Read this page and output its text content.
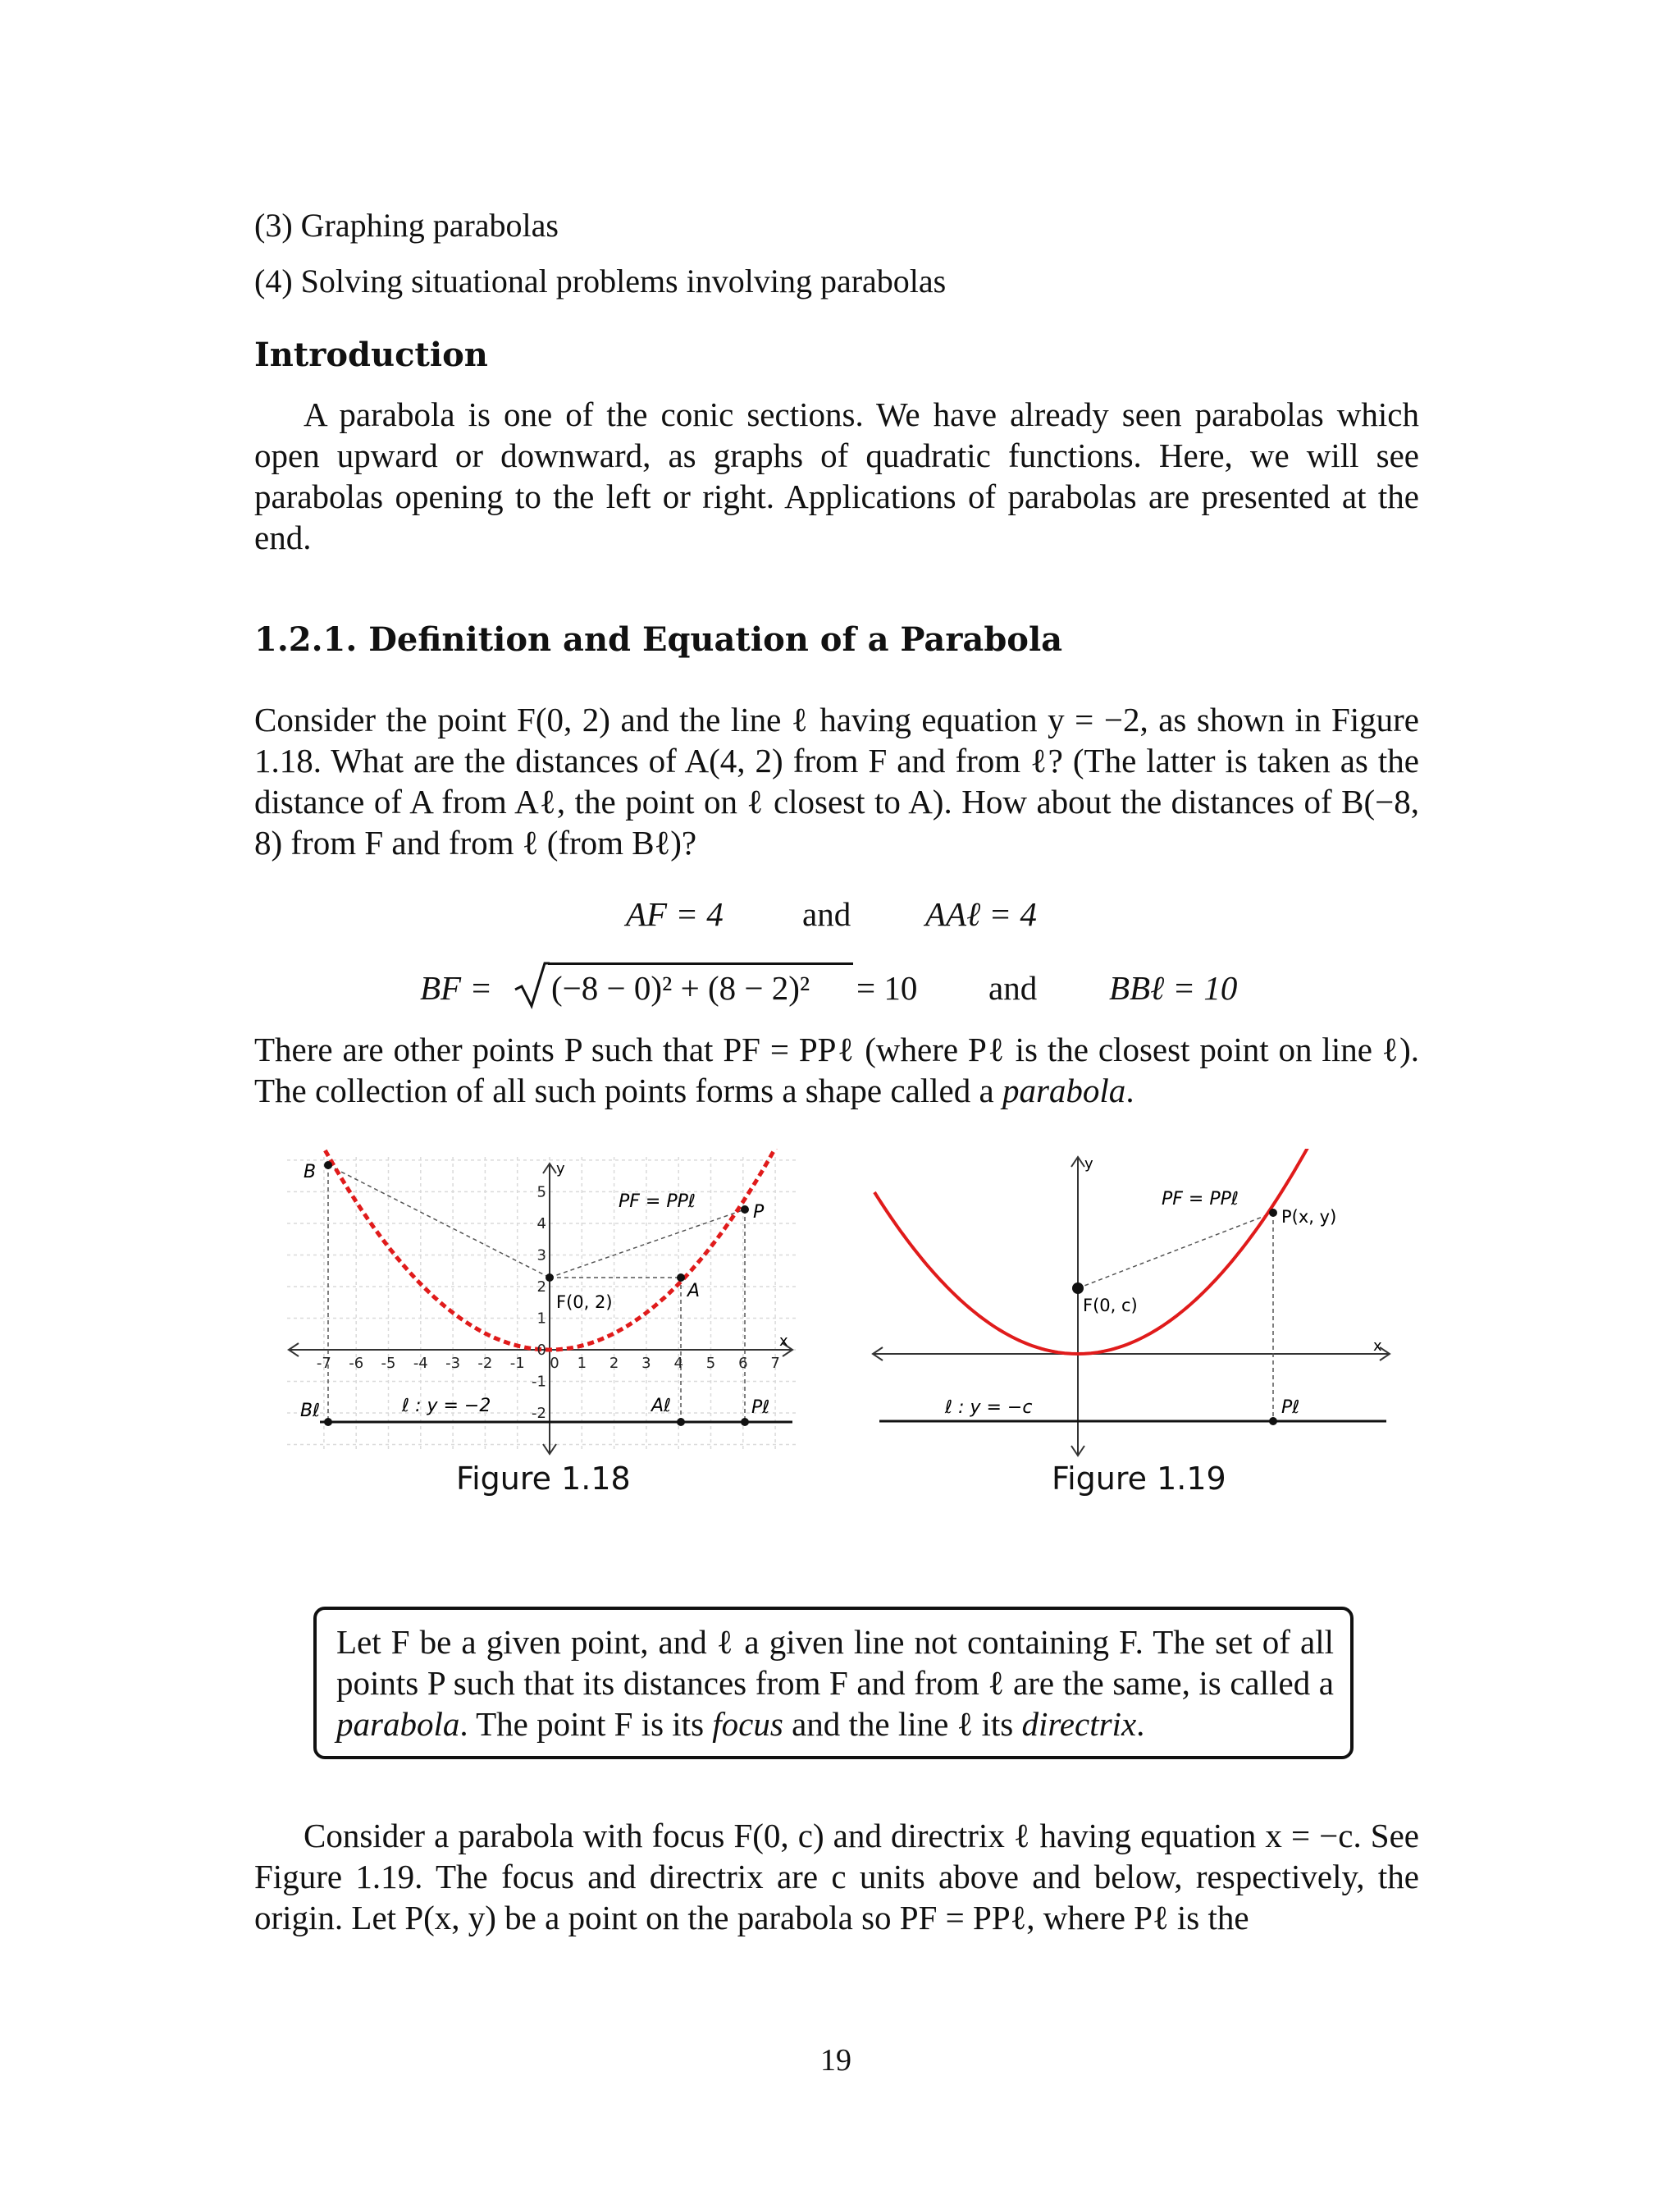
(3) Graphing parabolas
(4) Solving situational problems involving parabolas
Introduction
A parabola is one of the conic sections. We have already seen parabolas which open upward or downward, as graphs of quadratic functions. Here, we will see parabolas opening to the left or right. Applications of parabolas are presented at the end.
1.2.1. Definition and Equation of a Parabola
Consider the point F(0, 2) and the line ℓ having equation y = −2, as shown in Figure 1.18. What are the distances of A(4, 2) from F and from ℓ? (The latter is taken as the distance of A from Aℓ, the point on ℓ closest to A). How about the distances of B(−8, 8) from F and from ℓ (from Bℓ)?
AF = 4 and AAℓ = 4
BF = (−8 − 0)² + (8 − 2)² = 10 and BBℓ = 10
There are other points P such that PF = PPℓ (where Pℓ is the closest point on line ℓ). The collection of all such points forms a shape called a parabola.
-7 -6 -5 -4 -3 -2 -1 0 1 2 3 4 5 6 7
5
4
3
2
1
0
-1
-2
y
x
B
Bℓ
P
Pℓ
A
Aℓ
F(0, 2)
ℓ : y = −2
PF = PPℓ
Figure 1.18
y
x
F(0, c)
P(x, y)
Pℓ
ℓ : y = −c
PF = PPℓ
Figure 1.19
Let F be a given point, and ℓ a given line not containing F. The set of all points P such that its distances from F and from ℓ are the same, is called a parabola. The point F is its focus and the line ℓ its directrix.
Consider a parabola with focus F(0, c) and directrix ℓ having equation x = −c. See Figure 1.19. The focus and directrix are c units above and below, respectively, the origin. Let P(x, y) be a point on the parabola so PF = PPℓ, where Pℓ is the
19
